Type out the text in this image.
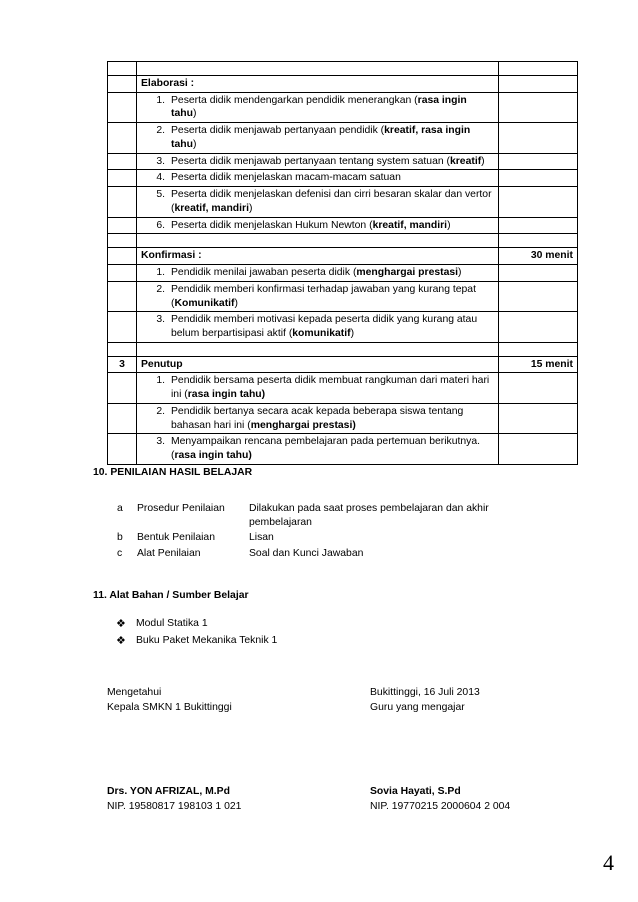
	Elaborasi :	

	1. Peserta didik mendengarkan pendidik menerangkan (rasa ingin tahu)	

	2. Peserta didik menjawab pertanyaan pendidik (kreatif, rasa ingin tahu)	

	3. Peserta didik menjawab pertanyaan tentang system satuan (kreatif)	

	4. Peserta didik menjelaskan macam-macam satuan	

	5. Peserta didik menjelaskan defenisi dan cirri besaran skalar dan vertor (kreatif, mandiri)	

	6. Peserta didik menjelaskan Hukum Newton (kreatif, mandiri)	

	Konfirmasi :	30 menit

	1. Pendidik menilai jawaban peserta didik (menghargai prestasi)	

	2. Pendidik memberi konfirmasi terhadap jawaban yang kurang tepat (Komunikatif)	

	3. Pendidik memberi motivasi kepada peserta didik yang kurang atau belum berpartisipasi aktif (komunikatif)	

3	Penutup	15 menit

	1. Pendidik bersama peserta didik membuat rangkuman dari materi hari ini (rasa ingin tahu)	

	2. Pendidik bertanya secara acak kepada beberapa siswa tentang bahasan hari ini (menghargai prestasi)	

	3. Menyampaikan rencana pembelajaran pada pertemuan berikutnya. (rasa ingin tahu)	

10. PENILAIAN HASIL BELAJAR
a	Prosedur Penilaian	Dilakukan pada saat proses pembelajaran dan akhir pembelajaran
b	Bentuk Penilaian	Lisan
c	Alat Penilaian	Soal dan Kunci Jawaban
11. Alat Bahan / Sumber Belajar
❖ Modul Statika 1
❖ Buku Paket Mekanika Teknik 1
Mengetahui
Kepala SMKN 1 Bukittinggi
Bukittinggi, 16 Juli 2013
Guru yang mengajar
Drs. YON AFRIZAL, M.Pd
NIP. 19580817 198103 1 021
Sovia Hayati, S.Pd
NIP. 19770215 2000604 2 004
4
